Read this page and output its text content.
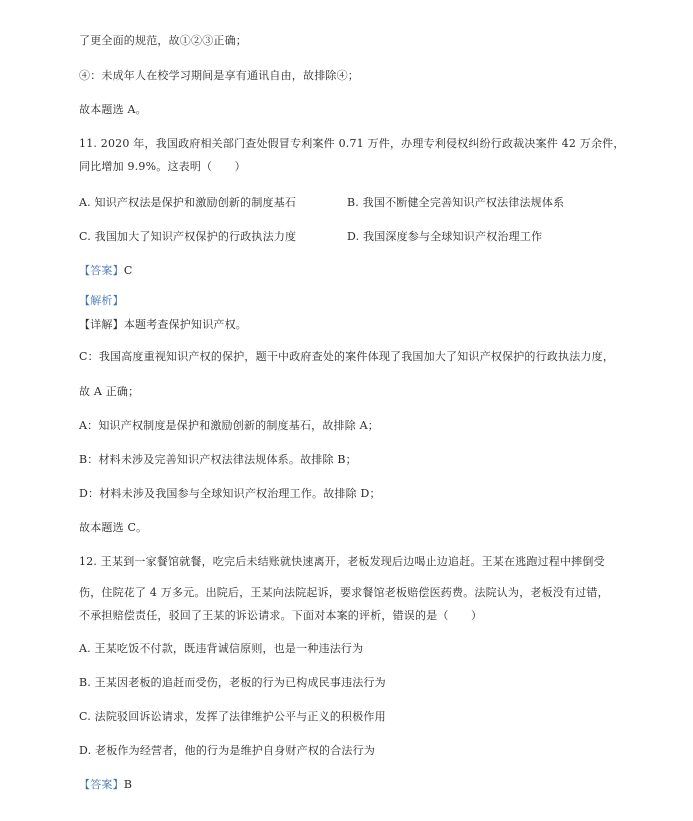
了更全面的规范，故①②③正确；
④：未成年人在校学习期间是享有通讯自由，故排除④；
故本题选 A。
11. 2020 年，我国政府相关部门查处假冒专利案件 0.71 万件，办理专利侵权纠纷行政裁决案件 42 万余件，
同比增加 9.9%。这表明（　　）
A. 知识产权法是保护和激励创新的制度基石	B. 我国不断健全完善知识产权法律法规体系
C. 我国加大了知识产权保护的行政执法力度	D. 我国深度参与全球知识产权治理工作
【答案】C
【解析】
【详解】本题考查保护知识产权。
C：我国高度重视知识产权的保护，题干中政府查处的案件体现了我国加大了知识产权保护的行政执法力度，
故 A 正确；
A：知识产权制度是保护和激励创新的制度基石，故排除 A；
B：材料未涉及完善知识产权法律法规体系。故排除 B；
D：材料未涉及我国参与全球知识产权治理工作。故排除 D；
故本题选 C。
12. 王某到一家餐馆就餐，吃完后未结账就快速离开，老板发现后边喝止边追赶。王某在逃跑过程中摔倒受
伤，住院花了 4 万多元。出院后，王某向法院起诉，要求餐馆老板赔偿医药费。法院认为，老板没有过错，
不承担赔偿责任，驳回了王某的诉讼请求。下面对本案的评析，错误的是（　　）
A. 王某吃饭不付款，既违背诚信原则，也是一种违法行为
B. 王某因老板的追赶而受伤，老板的行为已构成民事违法行为
C. 法院驳回诉讼请求，发挥了法律维护公平与正义的积极作用
D. 老板作为经营者，他的行为是维护自身财产权的合法行为
【答案】B
